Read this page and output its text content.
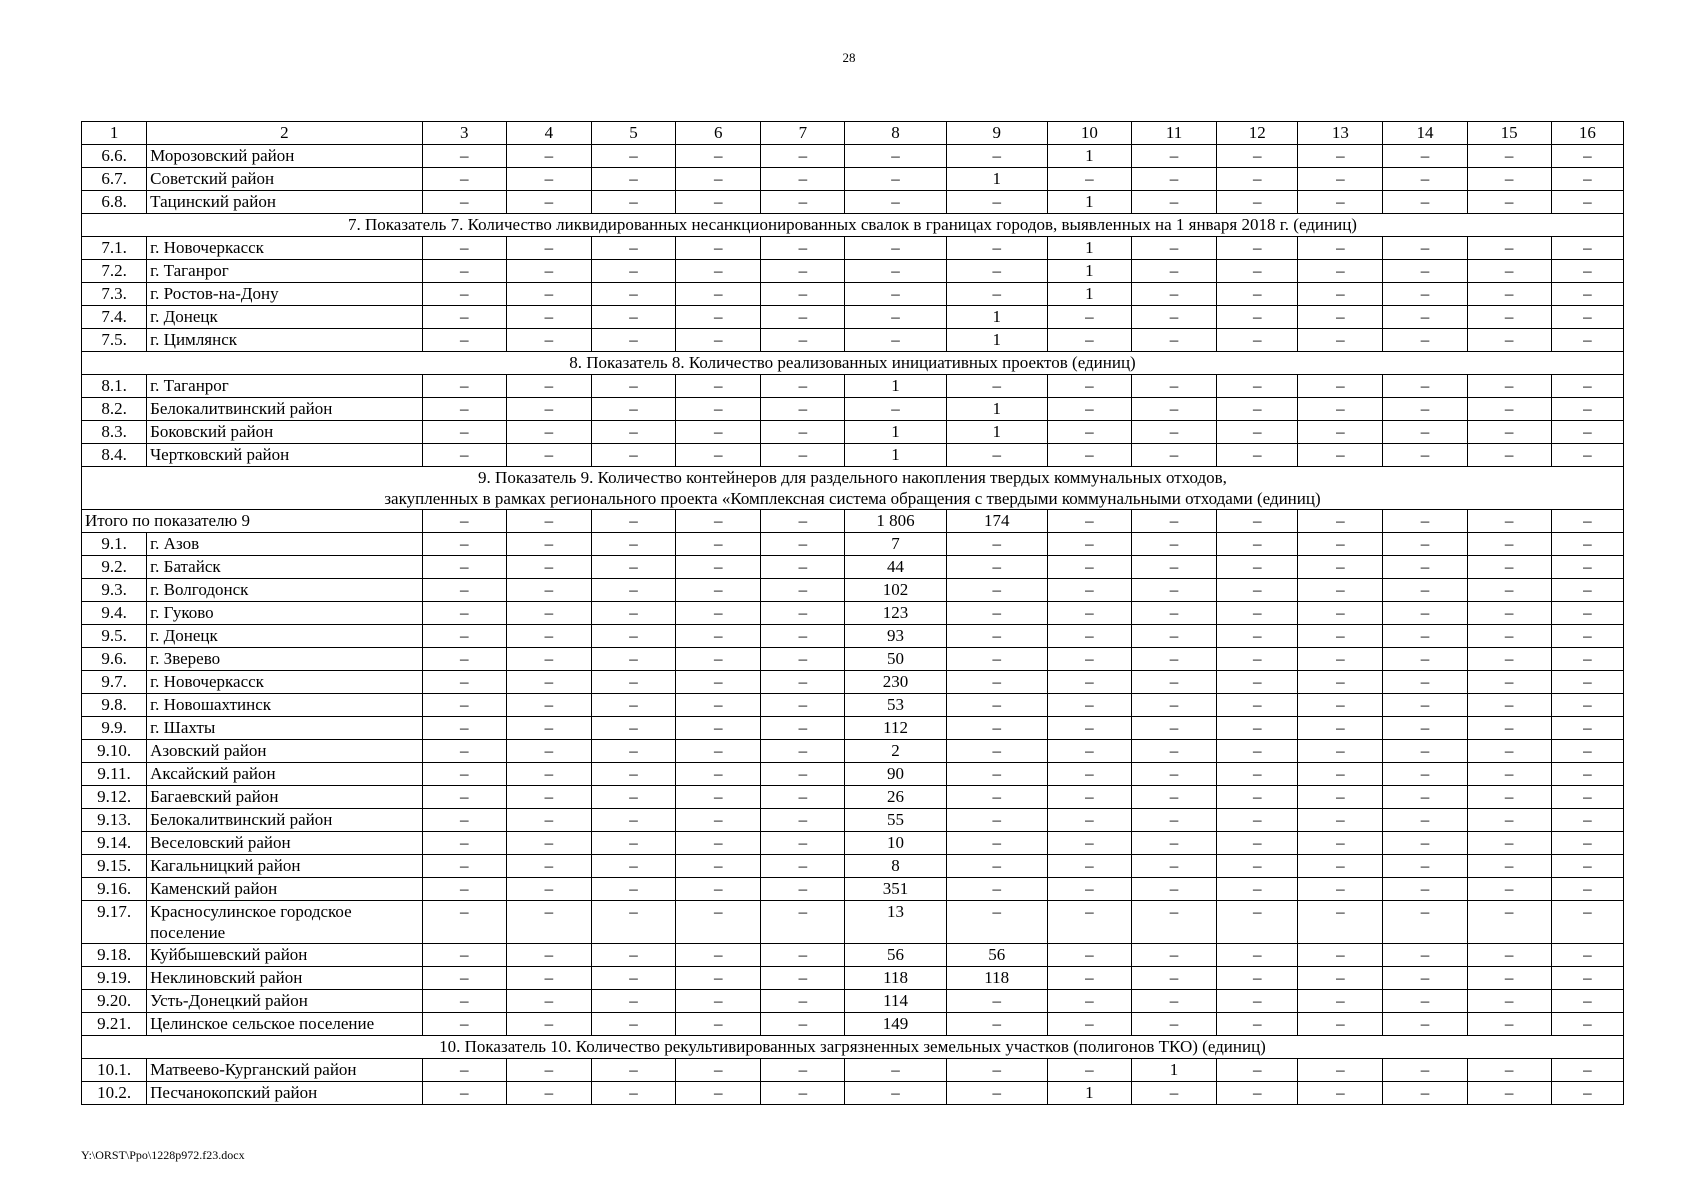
28
1	2	3	4	5	6	7	8	9	10	11	12	13	14	15	16
6.6.	Морозовский район	–	–	–	–	–	–	–	1	–	–	–	–	–	–
6.7.	Советский район	–	–	–	–	–	–	1	–	–	–	–	–	–	–
6.8.	Тацинский район	–	–	–	–	–	–	–	1	–	–	–	–	–	–
7. Показатель 7. Количество ликвидированных несанкционированных свалок в границах городов, выявленных на 1 января 2018 г. (единиц)															
7.1.	г. Новочеркасск	–	–	–	–	–	–	–	1	–	–	–	–	–	–
7.2.	г. Таганрог	–	–	–	–	–	–	–	1	–	–	–	–	–	–
7.3.	г. Ростов-на-Дону	–	–	–	–	–	–	–	1	–	–	–	–	–	–
7.4.	г. Донецк	–	–	–	–	–	–	1	–	–	–	–	–	–	–
7.5.	г. Цимлянск	–	–	–	–	–	–	1	–	–	–	–	–	–	–
8. Показатель 8. Количество реализованных инициативных проектов (единиц)															
8.1.	г. Таганрог	–	–	–	–	–	1	–	–	–	–	–	–	–	–
8.2.	Белокалитвинский район	–	–	–	–	–	–	1	–	–	–	–	–	–	–
8.3.	Боковский район	–	–	–	–	–	1	1	–	–	–	–	–	–	–
8.4.	Чертковский район	–	–	–	–	–	1	–	–	–	–	–	–	–	–

9. Показатель 9. Количество контейнеров для раздельного накопления твердых коммунальных отходов,
закупленных в рамках регионального проекта «Комплексная система обращения с твердыми коммунальными отходами (единиц)															

Итого по показателю 9		–	–	–	–	–	1 806	174	–	–	–	–	–	–	–
9.1.	г. Азов	–	–	–	–	–	7	–	–	–	–	–	–	–	–
9.2.	г. Батайск	–	–	–	–	–	44	–	–	–	–	–	–	–	–
9.3.	г. Волгодонск	–	–	–	–	–	102	–	–	–	–	–	–	–	–
9.4.	г. Гуково	–	–	–	–	–	123	–	–	–	–	–	–	–	–
9.5.	г. Донецк	–	–	–	–	–	93	–	–	–	–	–	–	–	–
9.6.	г. Зверево	–	–	–	–	–	50	–	–	–	–	–	–	–	–
9.7.	г. Новочеркасск	–	–	–	–	–	230	–	–	–	–	–	–	–	–
9.8.	г. Новошахтинск	–	–	–	–	–	53	–	–	–	–	–	–	–	–
9.9.	г. Шахты	–	–	–	–	–	112	–	–	–	–	–	–	–	–
9.10.	Азовский район	–	–	–	–	–	2	–	–	–	–	–	–	–	–
9.11.	Аксайский район	–	–	–	–	–	90	–	–	–	–	–	–	–	–
9.12.	Багаевский район	–	–	–	–	–	26	–	–	–	–	–	–	–	–
9.13.	Белокалитвинский район	–	–	–	–	–	55	–	–	–	–	–	–	–	–
9.14.	Веселовский район	–	–	–	–	–	10	–	–	–	–	–	–	–	–
9.15.	Кагальницкий район	–	–	–	–	–	8	–	–	–	–	–	–	–	–
9.16.	Каменский район	–	–	–	–	–	351	–	–	–	–	–	–	–	–
9.17.	Красносулинское городское поселение	–	–	–	–	–	13	–	–	–	–	–	–	–	–
9.18.	Куйбышевский район	–	–	–	–	–	56	56	–	–	–	–	–	–	–
9.19.	Неклиновский район	–	–	–	–	–	118	118	–	–	–	–	–	–	–
9.20.	Усть-Донецкий район	–	–	–	–	–	114	–	–	–	–	–	–	–	–
9.21.	Целинское сельское поселение	–	–	–	–	–	149	–	–	–	–	–	–	–	–
10. Показатель 10. Количество рекультивированных загрязненных земельных участков (полигонов ТКО) (единиц)															
10.1.	Матвеево-Курганский район	–	–	–	–	–	–	–	–	1	–	–	–	–	–
10.2.	Песчанокопский район	–	–	–	–	–	–	–	1	–	–	–	–	–	–
Y:\ORST\Ppo\1228p972.f23.docx
